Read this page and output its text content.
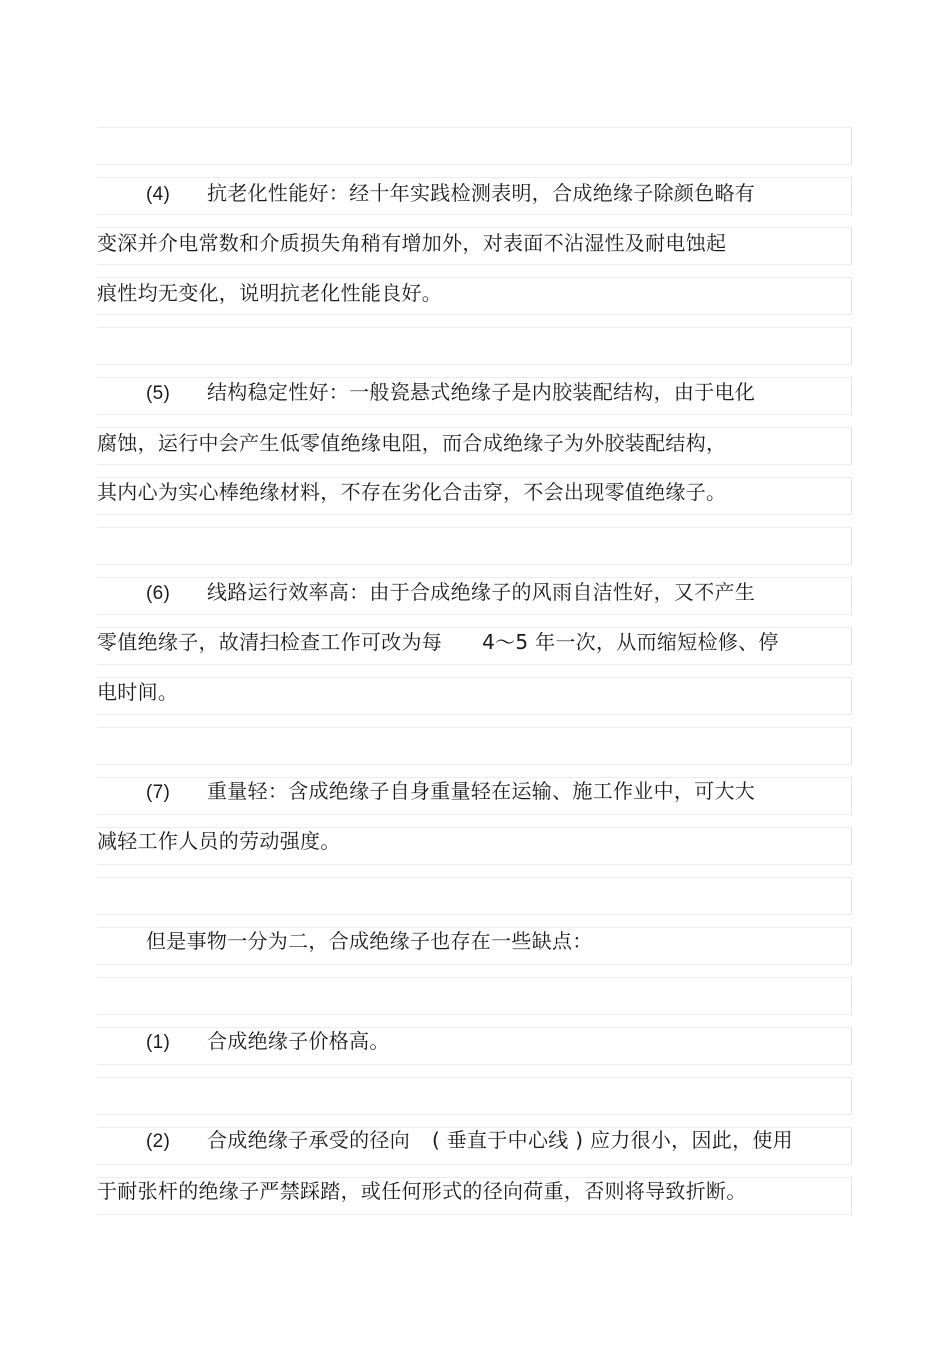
(4) 抗老化性能好：经十年实践检测表明，合成绝缘子除颜色略有
变深并介电常数和介质损失角稍有增加外，对表面不沾湿性及耐电蚀起
痕性均无变化，说明抗老化性能良好。
(5) 结构稳定性好：一般瓷悬式绝缘子是内胶装配结构，由于电化
腐蚀，运行中会产生低零值绝缘电阻，而合成绝缘子为外胶装配结构，
其内心为实心棒绝缘材料，不存在劣化合击穿，不会出现零值绝缘子。
(6) 线路运行效率高：由于合成绝缘子的风雨自洁性好，又不产生
零值绝缘子，故清扫检查工作可改为每 4～5 年一次，从而缩短检修、停
电时间。
(7) 重量轻：含成绝缘子自身重量轻在运输、施工作业中，可大大
减轻工作人员的劳动强度。
但是事物一分为二，合成绝缘子也存在一些缺点：
(1) 合成绝缘子价格高。
(2) 合成绝缘子承受的径向 ( 垂直于中心线 ) 应力很小，因此，使用
于耐张杆的绝缘子严禁踩踏，或任何形式的径向荷重，否则将导致折断。
